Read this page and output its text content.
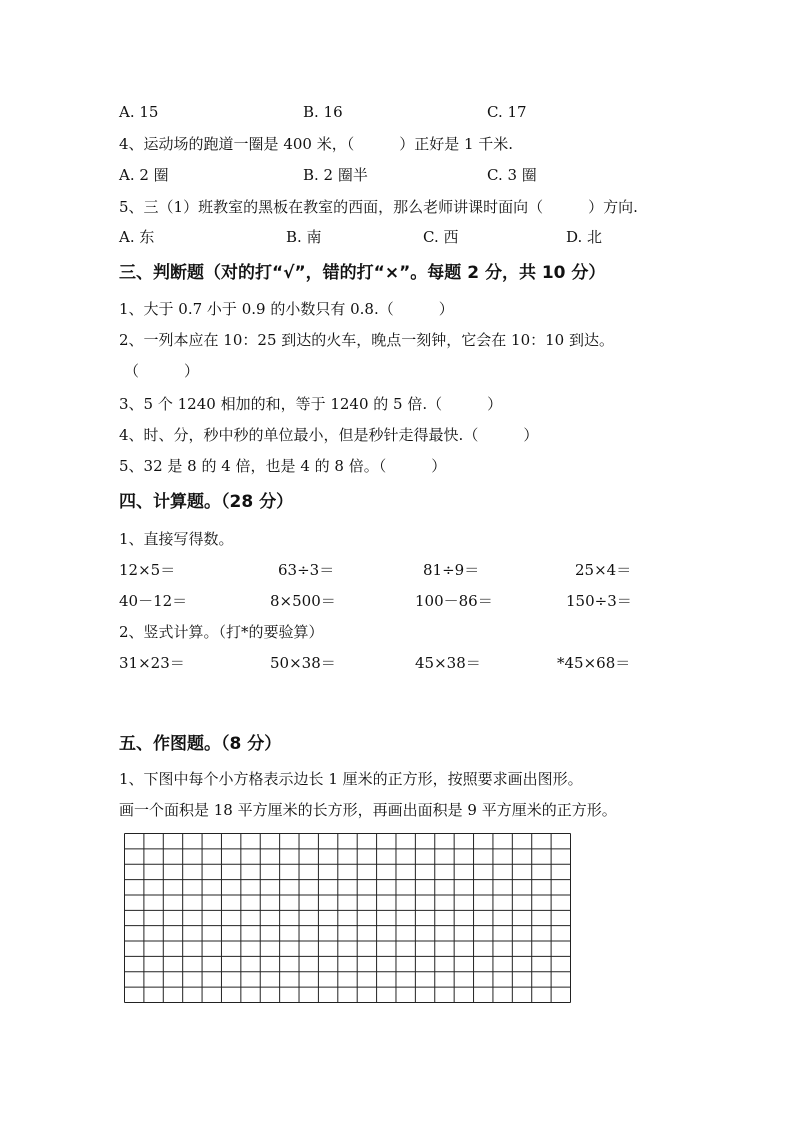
A. 15	B. 16	C. 17
4、运动场的跑道一圈是 400 米，（　　　）正好是 1 千米.
A. 2 圈	B. 2 圈半	C. 3 圈
5、三（1）班教室的黑板在教室的西面，那么老师讲课时面向（　　　）方向.
A. 东	B. 南	C. 西	D. 北
三、判断题（对的打“√”，错的打“×”。每题 2 分，共 10 分）
1、大于 0.7 小于 0.9 的小数只有 0.8.（　　　）
2、一列本应在 10：25 到达的火车，晚点一刻钟，它会在 10：10 到达。
（　　　）
3、5 个 1240 相加的和，等于 1240 的 5 倍.（　　　）
4、时、分，秒中秒的单位最小，但是秒针走得最快.（　　　）
5、32 是 8 的 4 倍，也是 4 的 8 倍。（　　　）
四、计算题。（28 分）
1、直接写得数。
12×5＝	63÷3＝	81÷9＝	25×4＝
40－12＝	8×500＝	100－86＝	150÷3＝
2、竖式计算。（打*的要验算）
31×23＝	50×38＝	45×38＝	*45×68＝
五、作图题。（8 分）
1、下图中每个小方格表示边长 1 厘米的正方形，按照要求画出图形。
画一个面积是 18 平方厘米的长方形，再画出面积是 9 平方厘米的正方形。
